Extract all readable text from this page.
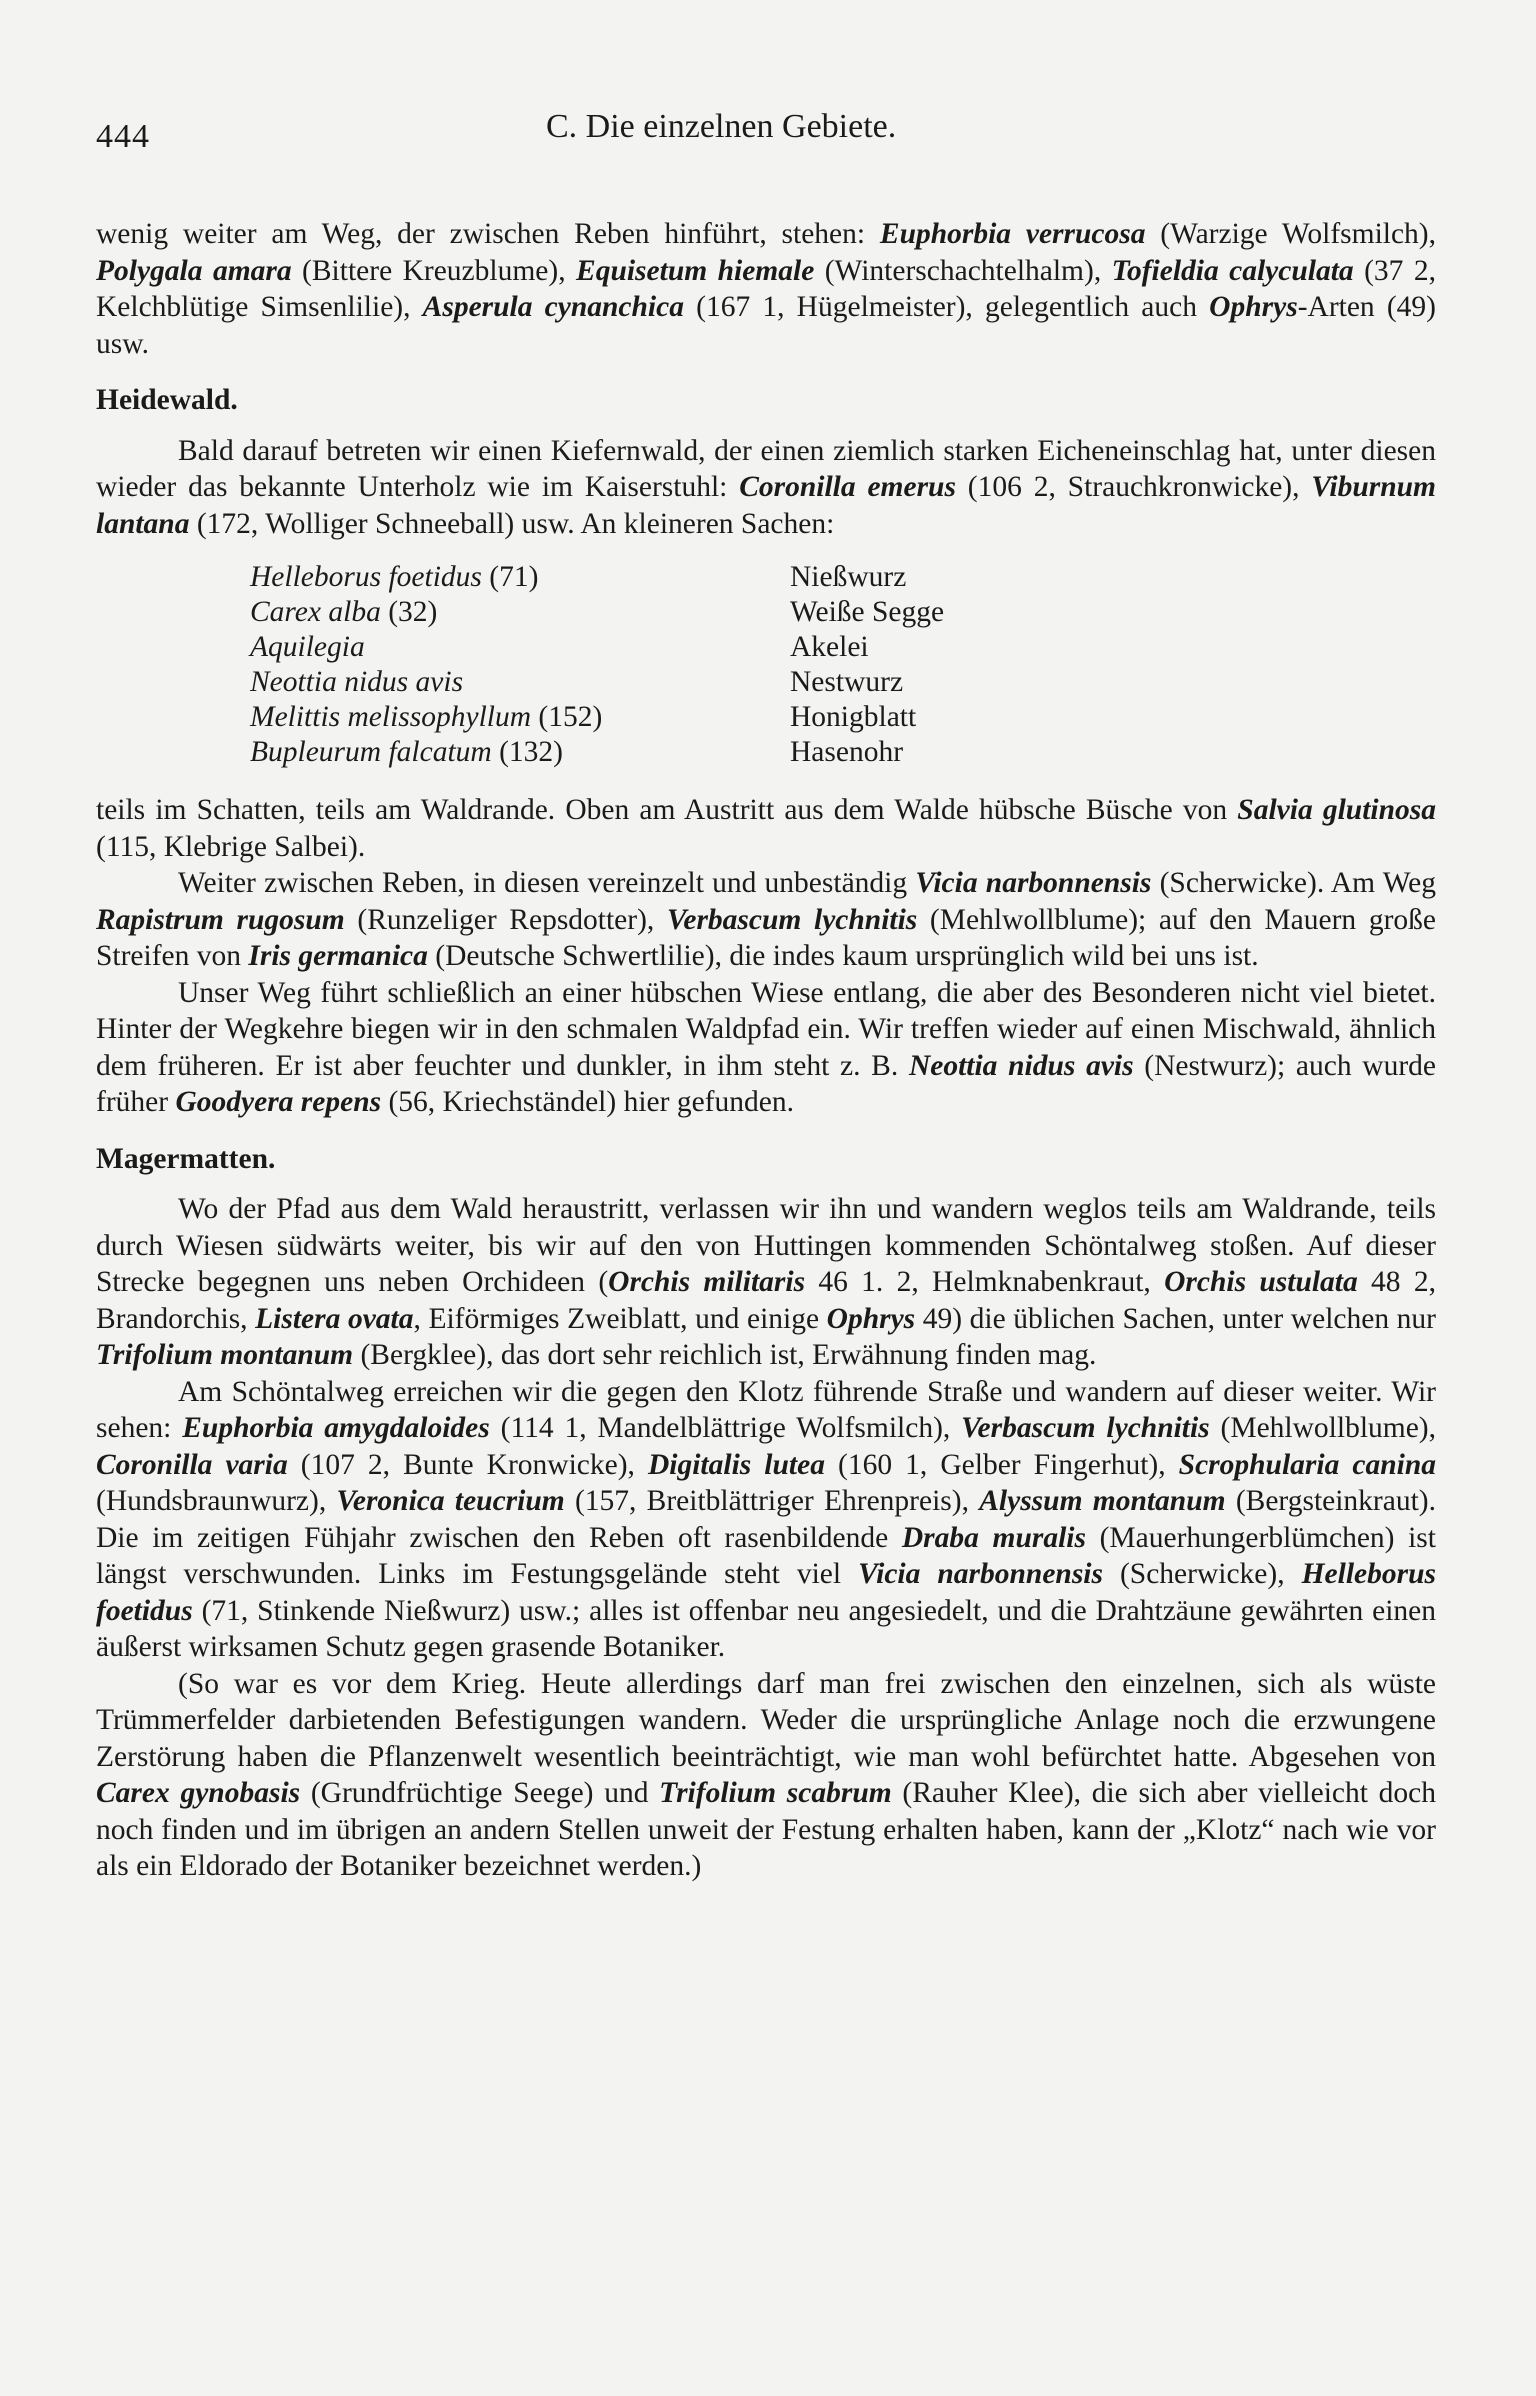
444	C. Die einzelnen Gebiete.

wenig weiter am Weg, der zwischen Reben hinführt, stehen: Euphorbia verrucosa (Warzige Wolfsmilch), Polygala amara (Bittere Kreuzblume), Equisetum hiemale (Winterschachtelhalm), Tofieldia calyculata (37 2, Kelchblütige Simsenlilie), Asperula cynanchica (167 1, Hügelmeister), gelegentlich auch Ophrys-Arten (49) usw.

Heidewald.

Bald darauf betreten wir einen Kiefernwald, der einen ziemlich starken Eicheneinschlag hat, unter diesen wieder das bekannte Unterholz wie im Kaiserstuhl: Coronilla emerus (106 2, Strauchkronwicke), Viburnum lantana (172, Wolliger Schneeball) usw. An kleineren Sachen:

Helleborus foetidus (71)	Nießwurz
Carex alba (32)	Weiße Segge
Aquilegia	Akelei
Neottia nidus avis	Nestwurz
Melittis melissophyllum (152)	Honigblatt
Bupleurum falcatum (132)	Hasenohr

teils im Schatten, teils am Waldrande. Oben am Austritt aus dem Walde hübsche Büsche von Salvia glutinosa (115, Klebrige Salbei).

Weiter zwischen Reben, in diesen vereinzelt und unbeständig Vicia narbonnensis (Scherwicke). Am Weg Rapistrum rugosum (Runzeliger Repsdotter), Verbascum lychnitis (Mehlwollblume); auf den Mauern große Streifen von Iris germanica (Deutsche Schwertlilie), die indes kaum ursprünglich wild bei uns ist.

Unser Weg führt schließlich an einer hübschen Wiese entlang, die aber des Besonderen nicht viel bietet. Hinter der Wegkehre biegen wir in den schmalen Waldpfad ein. Wir treffen wieder auf einen Mischwald, ähnlich dem früheren. Er ist aber feuchter und dunkler, in ihm steht z. B. Neottia nidus avis (Nestwurz); auch wurde früher Goodyera repens (56, Kriechständel) hier gefunden.

Magermatten.

Wo der Pfad aus dem Wald heraustritt, verlassen wir ihn und wandern weglos teils am Waldrande, teils durch Wiesen südwärts weiter, bis wir auf den von Huttingen kommenden Schöntalweg stoßen. Auf dieser Strecke begegnen uns neben Orchideen (Orchis militaris 46 1. 2, Helmknabenkraut, Orchis ustulata 48 2, Brandorchis, Listera ovata, Eiförmiges Zweiblatt, und einige Ophrys 49) die üblichen Sachen, unter welchen nur Trifolium montanum (Bergklee), das dort sehr reichlich ist, Erwähnung finden mag.

Am Schöntalweg erreichen wir die gegen den Klotz führende Straße und wandern auf dieser weiter. Wir sehen: Euphorbia amygdaloides (114 1, Mandelblättrige Wolfsmilch), Verbascum lychnitis (Mehlwollblume), Coronilla varia (107 2, Bunte Kronwicke), Digitalis lutea (160 1, Gelber Fingerhut), Scrophularia canina (Hundsbraunwurz), Veronica teucrium (157, Breitblättriger Ehrenpreis), Alyssum montanum (Bergsteinkraut). Die im zeitigen Fühjahr zwischen den Reben oft rasenbildende Draba muralis (Mauerhungerblümchen) ist längst verschwunden. Links im Festungsgelände steht viel Vicia narbonnensis (Scherwicke), Helleborus foetidus (71, Stinkende Nießwurz) usw.; alles ist offenbar neu angesiedelt, und die Drahtzäune gewährten einen äußerst wirksamen Schutz gegen grasende Botaniker.

(So war es vor dem Krieg. Heute allerdings darf man frei zwischen den einzelnen, sich als wüste Trümmerfelder darbietenden Befestigungen wandern. Weder die ursprüngliche Anlage noch die erzwungene Zerstörung haben die Pflanzenwelt wesentlich beeinträchtigt, wie man wohl befürchtet hatte. Abgesehen von Carex gynobasis (Grundfrüchtige Seege) und Trifolium scabrum (Rauher Klee), die sich aber vielleicht doch noch finden und im übrigen an andern Stellen unweit der Festung erhalten haben, kann der „Klotz“ nach wie vor als ein Eldorado der Botaniker bezeichnet werden.)
